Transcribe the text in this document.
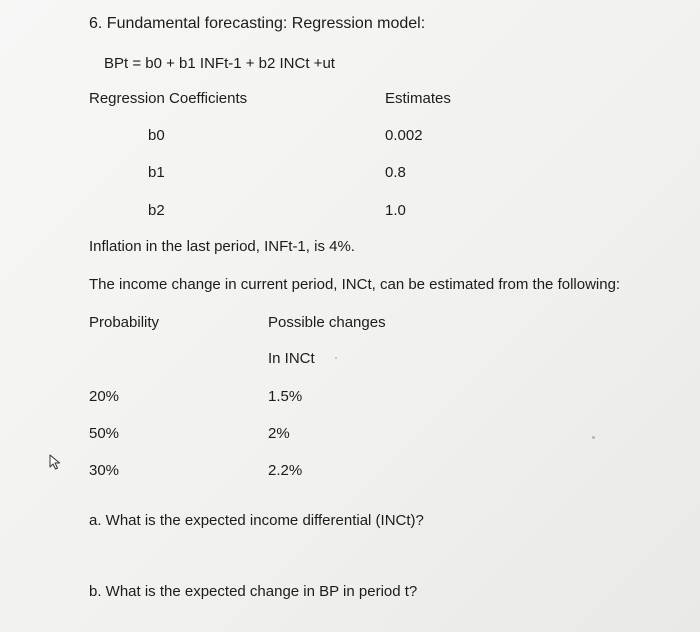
6. Fundamental forecasting: Regression model:
BPt = b0 + b1 INFt-1 + b2 INCt +ut
Regression Coefficients	Estimates
b0	0.002
b1	0.8
b2	1.0
Inflation in the last period, INFt-1, is 4%.
The income change in current period, INCt, can be estimated from the following:
Probability	Possible changes
In INCt
20%	1.5%
50%	2%
30%	2.2%
a. What is the expected income differential (INCt)?
b. What is the expected change in BP in period t?
